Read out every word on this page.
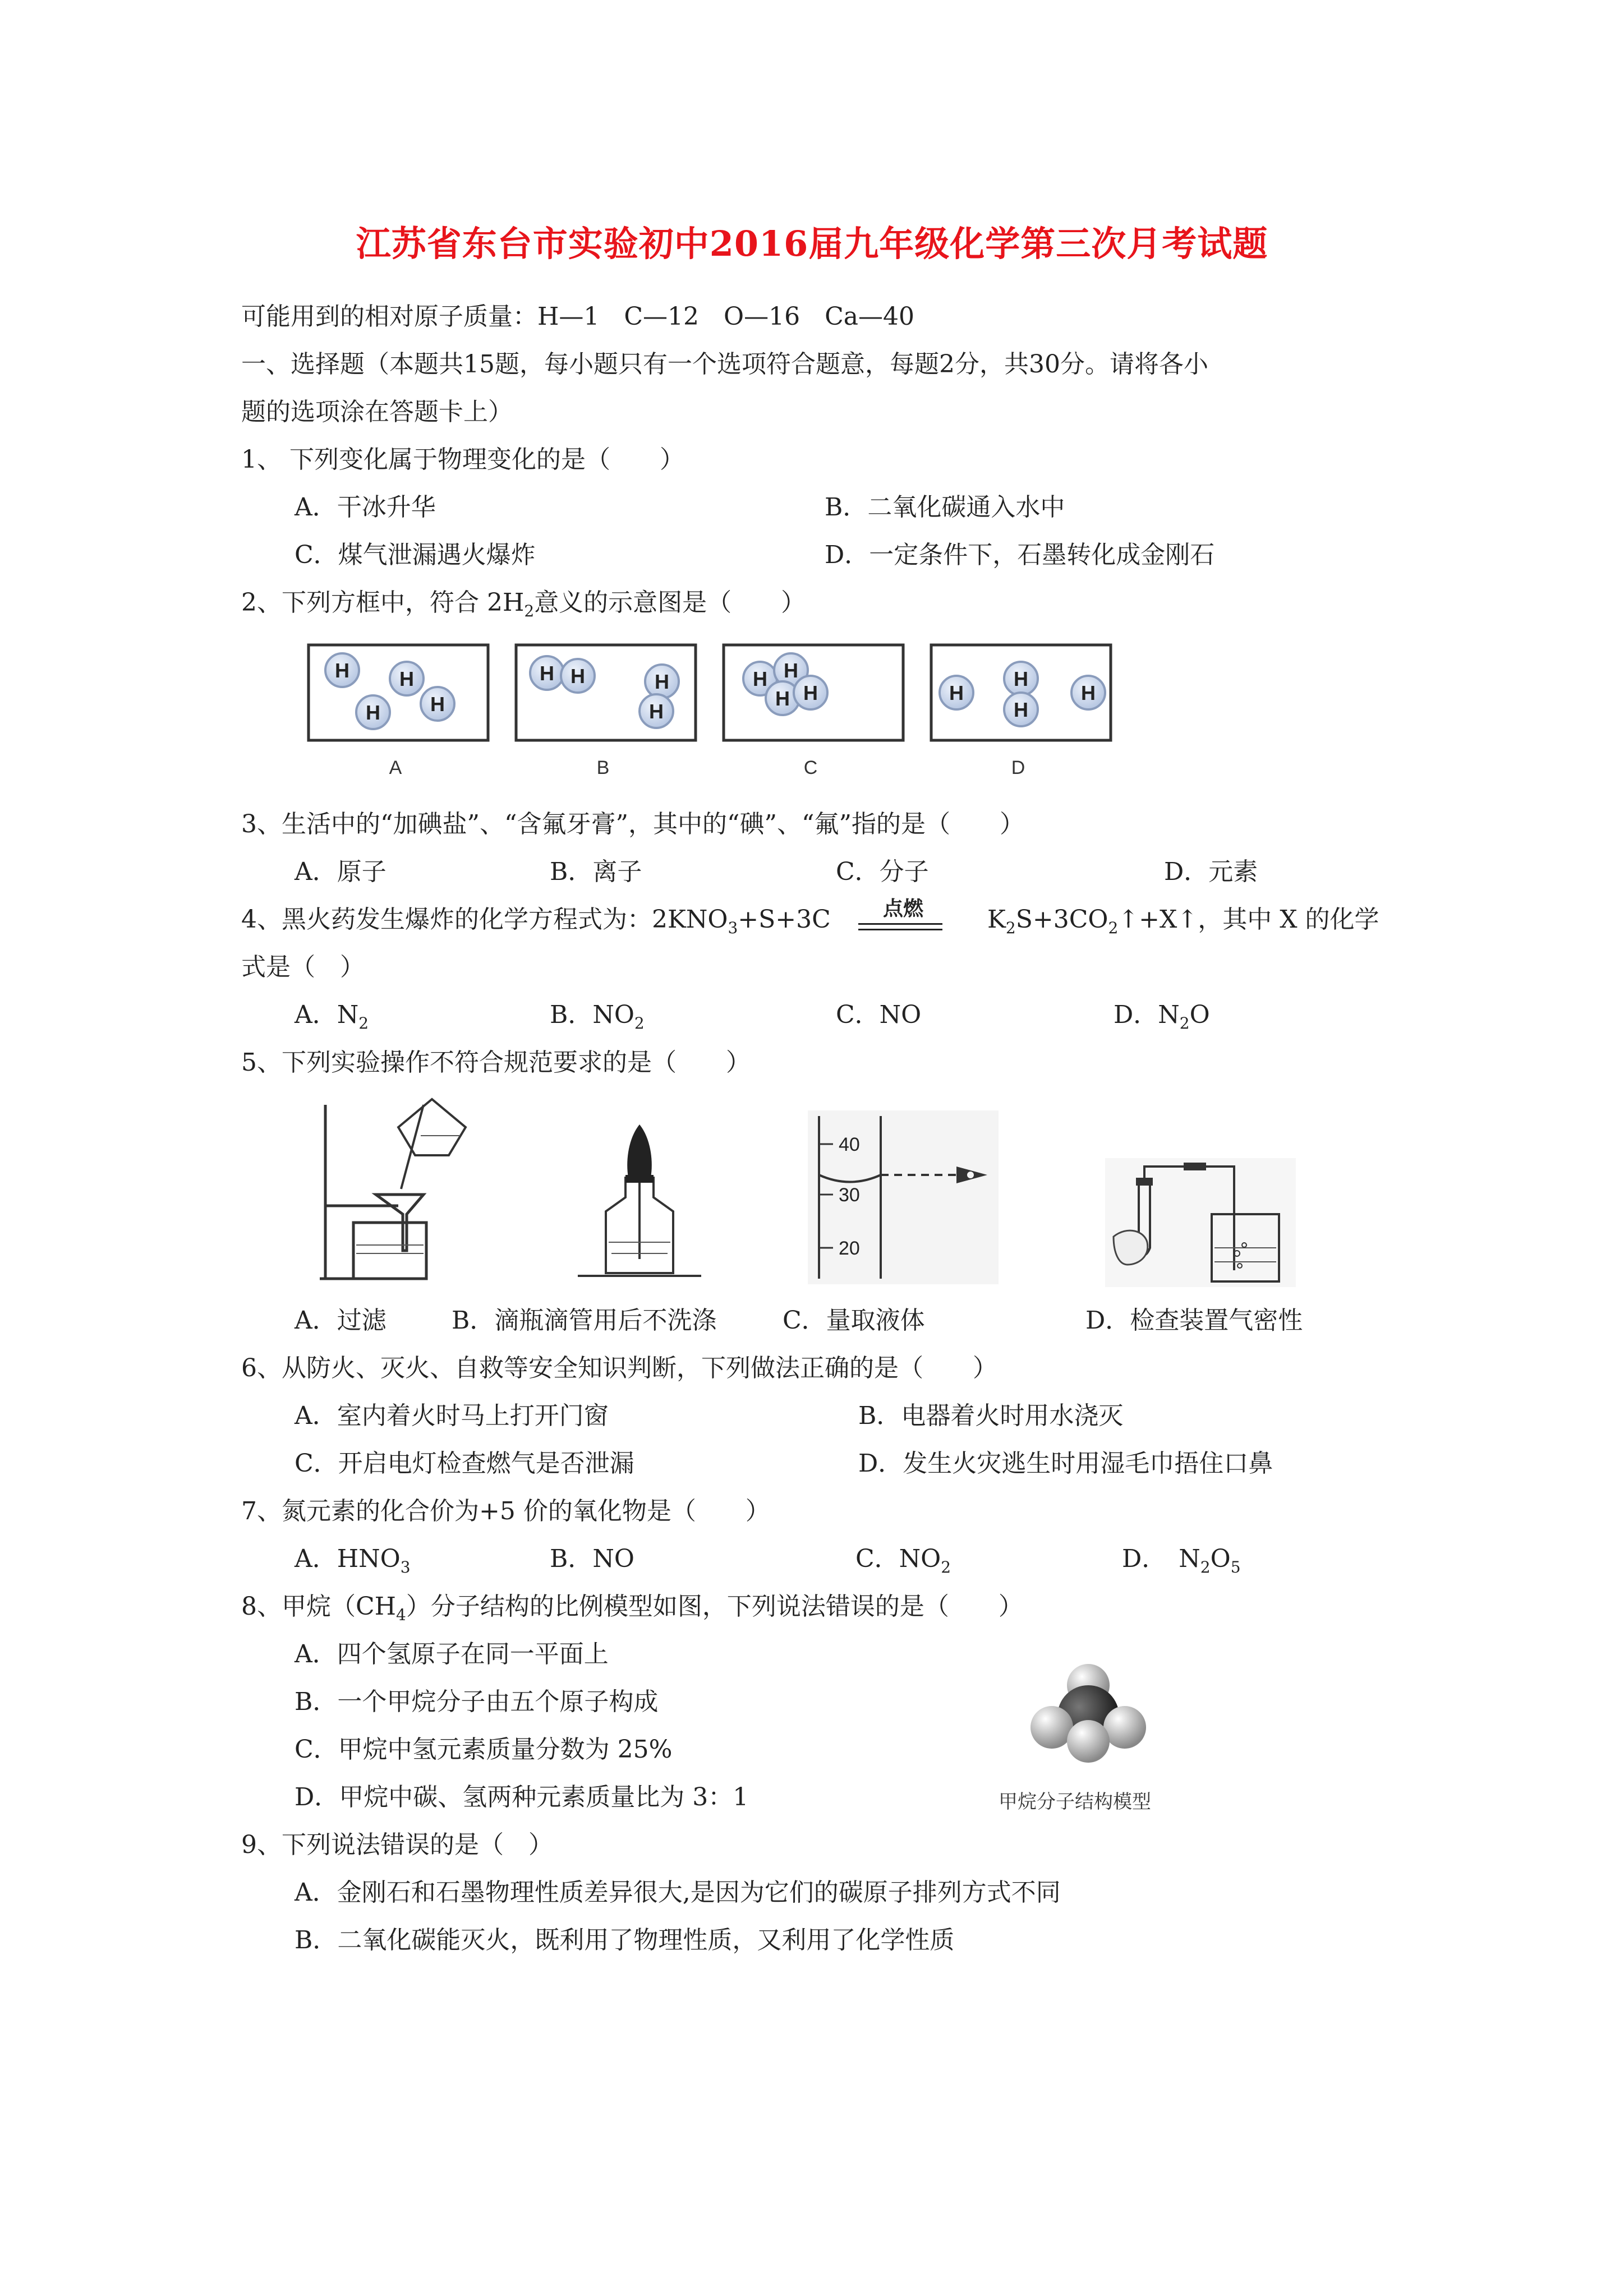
江苏省东台市实验初中2016届九年级化学第三次月考试题
可能用到的相对原子质量：H—1　C—12　O—16　Ca—40
一、选择题（本题共15题，每小题只有一个选项符合题意，每题2分，共30分。请将各小
题的选项涂在答题卡上）
1、 下列变化属于物理变化的是（　　）
A．干冰升华	B．二氧化碳通入水中
C．煤气泄漏遇火爆炸	D．一定条件下，石墨转化成金刚石
2、下列方框中，符合 $2H_2$意义的示意图是（　　）
H H
H H
H H	H
H
H H
H H	H
H
H
H
A	B	C	D
3、生活中的“加碘盐”、“含氟牙膏”，其中的“碘”、“氟”指的是（　　）
A．原子	B．离子	C．分子	D．元素
4、黑火药发生爆炸的化学方程式为：$2KNO_3+S+3C$	点燃	$K_2S+3CO_2↑+X↑$，其中 X 的化学
式是（　）
A．$N_2$	B．$NO_2$	C．NO	D．$N_2O$
5、下列实验操作不符合规范要求的是（　　）
40
30
20
A．过滤	B．滴瓶滴管用后不洗涤	C．量取液体	D．检查装置气密性
6、从防火、灭火、自救等安全知识判断，下列做法正确的是（　　）
A．室内着火时马上打开门窗	B．电器着火时用水浇灭
C．开启电灯检查燃气是否泄漏	D．发生火灾逃生时用湿毛巾捂住口鼻
7、氮元素的化合价为+5 价的氧化物是（　　）
A．$HNO_3$	B．NO	C．$NO_2$	D．　$N_2O_5$
8、甲烷$(CH_4)$分子结构的比例模型如图，下列说法错误的是（　　）
A．四个氢原子在同一平面上
B．一个甲烷分子由五个原子构成
C．甲烷中氢元素质量分数为 25%
D．甲烷中碳、氢两种元素质量比为 3：1	甲烷分子结构模型
9、下列说法错误的是（　）
A．金刚石和石墨物理性质差异很大,是因为它们的碳原子排列方式不同
B．二氧化碳能灭火，既利用了物理性质，又利用了化学性质
